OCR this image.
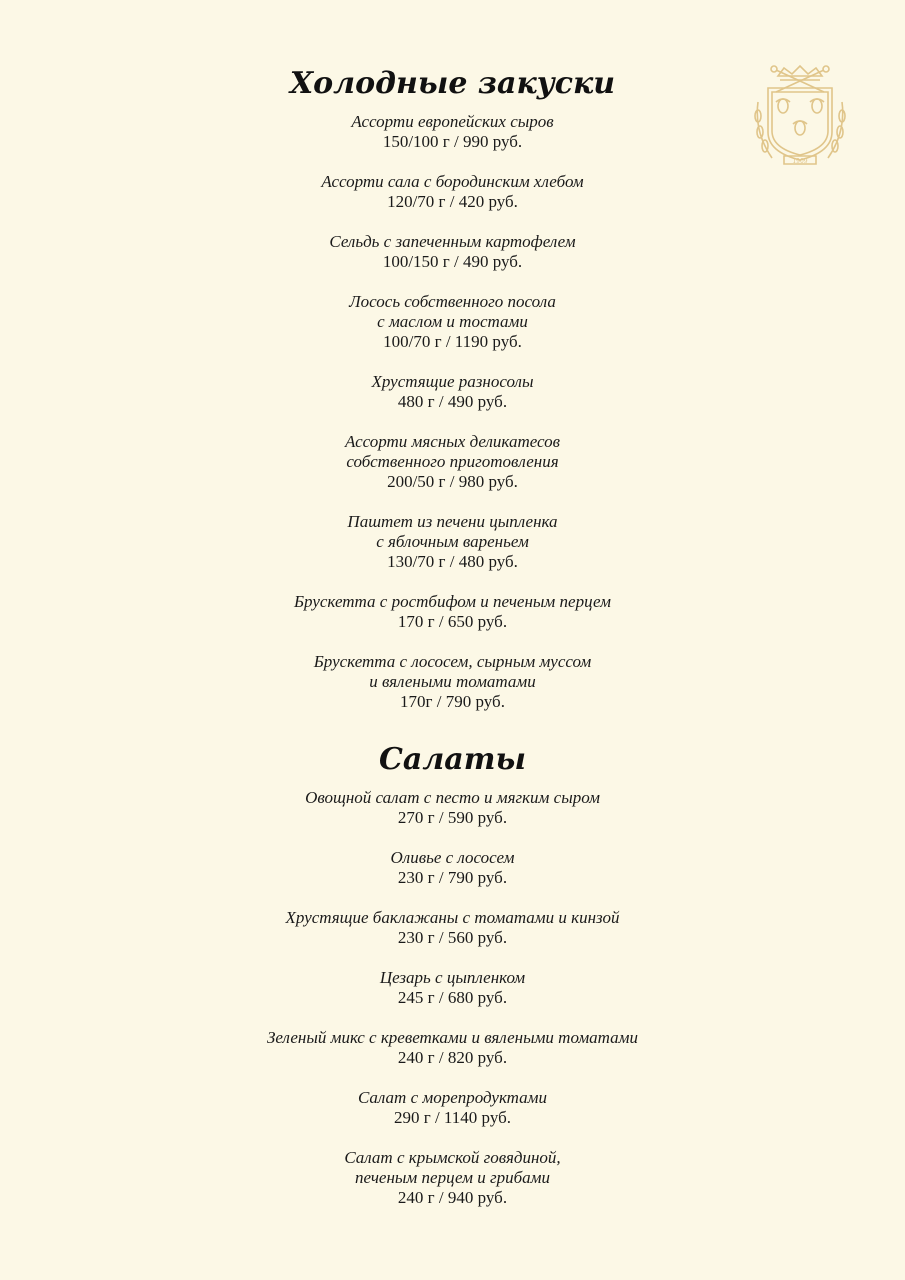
1909
Холодные закуски
Ассорти европейских сыров
150/100 г / 990 руб.
Ассорти сала с бородинским хлебом
120/70 г / 420 руб.
Сельдь с запеченным картофелем
100/150 г / 490 руб.
Лосось собственного посола
с маслом и тостами
100/70 г / 1190 руб.
Хрустящие разносолы
480 г / 490 руб.
Ассорти мясных деликатесов
собственного приготовления
200/50 г / 980 руб.
Паштет из печени цыпленка
с яблочным вареньем
130/70 г / 480 руб.
Брускетта с ростбифом и печеным перцем
170 г / 650 руб.
Брускетта с лососем, сырным муссом
и вялеными томатами
170г / 790 руб.
Салаты
Овощной салат с песто и мягким сыром
270 г / 590 руб.
Оливье с лососем
230 г / 790 руб.
Хрустящие баклажаны с томатами и кинзой
230 г / 560 руб.
Цезарь с цыпленком
245 г / 680 руб.
Зеленый микс с креветками и вялеными томатами
240 г / 820 руб.
Салат с морепродуктами
290 г / 1140 руб.
Салат с крымской говядиной,
печеным перцем и грибами
240 г / 940 руб.
